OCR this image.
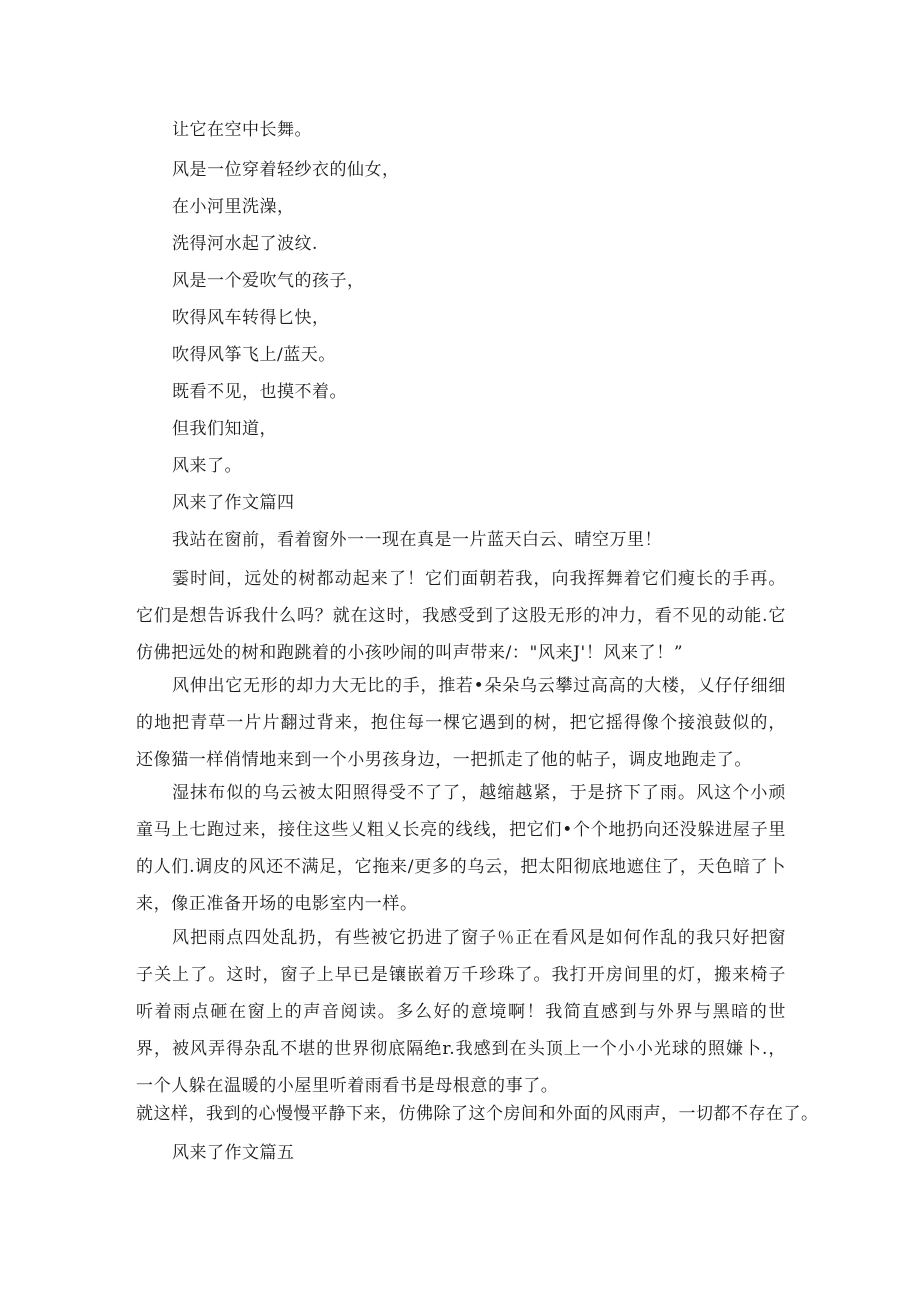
让它在空中长舞。
风是一位穿着轻纱衣的仙女，
在小河里洗澡，
洗得河水起了波纹.
风是一个爱吹气的孩子，
吹得风车转得匕快，
吹得风筝飞上/蓝天。
既看不见，也摸不着。
但我们知道，
风来了。
风来了作文篇四
我站在窗前，看着窗外一一现在真是一片蓝天白云、晴空万里！
霎时间，远处的树都动起来了！它们面朝若我，向我挥舞着它们瘦长的手再。它们是想告诉我什么吗？就在这时，我感受到了这股无形的冲力，看不见的动能.它仿佛把远处的树和跑跳着的小孩吵闹的叫声带来/："风来J'！风来了！”
风伸出它无形的却力大无比的手，推若•朵朵乌云攀过高高的大楼，乂仔仔细细的地把青草一片片翻过背来，抱住每一棵它遇到的树，把它摇得像个接浪鼓似的，还像猫一样俏情地来到一个小男孩身边，一把抓走了他的帖子，调皮地跑走了。
湿抹布似的乌云被太阳照得受不了了，越缩越紧，于是挤下了雨。风这个小顽童马上七跑过来，接住这些乂粗乂长亮的线线，把它们•个个地扔向还没躲进屋子里的人们.调皮的风还不满足，它拖来/更多的乌云，把太阳彻底地遮住了，天色暗了卜来，像正准备开场的电影室内一样。
风把雨点四处乱扔，有些被它扔进了窗子％正在看风是如何作乱的我只好把窗子关上了。这时，窗子上早已是镶嵌着万千珍珠了。我打开房间里的灯，搬来椅子听着雨点砸在窗上的声音阅读。多么好的意境啊！我简直感到与外界与黑暗的世界，被风弄得杂乱不堪的世界彻底隔绝r.我感到在头顶上一个小小光球的照嫌卜.，一个人躲在温暖的小屋里听着雨看书是母根意的事了。
就这样，我到的心慢慢平静下来，仿佛除了这个房间和外面的风雨声，一切都不存在了。
风来了作文篇五
